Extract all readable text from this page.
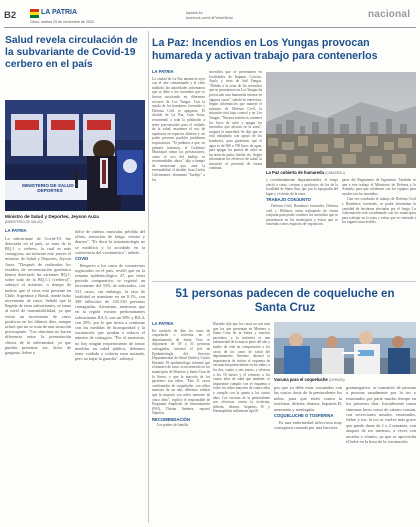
B2	LA PATRIA
Oruro, martes 29 de noviembre de 2022
lapatria.bo
facebook.com/LaPatriaOficial	nacional
Salud revela circulación de la subvariante de Covid-19 cerbero en el país
MINISTERIO DE SALUD Y DEPORTES
Ministro de Salud y Deportes, Jeyson Auza
(MINISTERIO DE SALUD)
LA PATRIA

La subvariante de Covid-19, fue detectada en el país, se trata de la BQ.1. o cerbero, la cual es más contagiosa, así informó este jueves el ministro de Salud y Deportes, Jeyson Auza. "Después de realizados los estudios de secuenciación genómica hemos detectado las variantes BQ.1, sobre todo de la BQ.1.1 (cerbero)", subrayó el ministro, a tiempo de indicar que el virus está presente en Chile, Argentina y Brasil, donde hubo incremento de casos. Señaló que la llegada de estas subvariantes, se suma al nivel de transmisibilidad, ya que existe un incremento de casos positivos en los últimos días, aunque aclaró que no se trata de una situación preocupante. "Los síntomas no hacen diferencia entre la presentación clínica de la enfermedad, ya que pueden presentar tos, dolor de garganta, fiebre y

dolor de cabeza, muscular, pérdida del olfato, sensación de fatiga, vómito y diarrea". "Es decir la sintomatología no se modifica y lo acordado en la conferencia del viceministro", señaló.

COVID

Respecto a los casos de coronavirus registrados en el país, reveló que en la semana epidemiológica 47, por tener periodo comparativo, se registró un incremento del 53% de infectados, con 531 casos, sin embargo, la tasa de letalidad se mantiene en un 0.1%, con 398 fallecidos de 235.330 personas contagiadas. Asimismo, menciona que en la región existen predominantes subvariantes BA.5, con un 58% y BA.4, con 29%, por lo que invita a continuar con las medidas de bioseguridad y la vacunación que ayudan a reducir el número de contagios. "Por el momento, no hay ningún requerimiento de tomar medidas en salud pública, debemos tener cuidado y todavía estar notando, pero no bajar la guardia", subrayó.

La Paz: Incendios en Los Yungas provocan humareda y activan trabajo para contenerlos
LA PATRIA

La ciudad de La Paz amaneció ayer con el aire contaminado y el cielo nublado; las autoridades informaron que se debe a los incendios que se fueron suscitando en diferentes sectores de Los Yungas. Con la ayuda de los bomberos forestales y Defensa Civil se apagaron. El alcalde de La Paz, Iván Arias, recomendó a toda la población a tener precauciones para el cuidado de la salud, mantener el uso de tapabocas en espacios abiertos y así poder prevenir posibles problemas respiratorios. "Te pedimos a que, en primera instancia, el Gobierno Municipal tomar las precauciones, como el uso del barbijo es recomendable, ahora", dijo a tiempo de mencionar que, ante la eventualidad, el alcalde, Juan Carlos Calvimontes, denominó "barbijo" a los

incendios que se presentaron en localidades de Irupana, Coroico, Apolo y otras de Sud Yungas. "Debido a la zona de los incendios que se presentaron en Los Yungas ha provocado una humareda intensa en algunos casos", señaló en entrevista. Según información que manejó el ministro de Defensa Civil, la situación está bajo control y en Los Yungas. "Nuestra misión es contener los focos de calor y apagar los incendios que afectan en la zona", aseguró la autoridad. Se dijo que se está trabajando con apoyo de los bomberos, para garantizar que el agua es de 500 a 700 litros de agua, para apagar los puntos de calor en las áreas de pasto, hierba, etc. Según informaron los efectivos de salud, la situación se presentó de forma continua.

La Paz cubierta de humareda (CABLEBOLI)

y coordinadamente departamentales, el fuego afectó a casas, cocinas y productos de los de la localidad de Santa Ana, que por la topografía del lugar y el viento de la zona.

TRABAJO CONJUNTO

Defensa Civil, Bomberos forestales, Defensa civil y Militares están trabajando de forma conjunta para poder contener los incendios que se presentaron en los municipios y evitar que se extienda a otros espacios de vegetación.

parte del Regimiento de Ingeniería. También se une a este trabajo el Ministerio de Defensa y la Armada, para que colaboren con los equipos para ayudar con los incendios.

Una vez concluido el trabajo de Defensa Civil y Bomberos forestales, se podrá determinar la cantidad de hectáreas afectadas por el fuego. La Gobernación está coordinando con los municipios para trabajar en la zona y evitar que se extienda a los lugares inaccesibles.

51 personas padecen de coqueluche en Santa Cruz
LA PATRIA

En cuestión de días los casos de coqueluche o tosferina en el departamento de Santa Cruz se dispararon de 39 a 51 personas contagiadas, informó el jefe de Epidemiología del Servicio Departamental de Salud (Sedes), Carlos Hurtado. El epidemiólogo informó que el número de casos se incrementó en los municipios de Montero y Santa Cruz de la Sierra, y que la mayoría de los pacientes son niños. "Este 31 casos confirmados de coqueluche, son niños menores de un año, debemos señalar que la mayoría son niños menores de cinco años", explicó el responsable de Programa Ampliado de Inmunización (PAI), Dorian Jiménez, reportó Opinión.

RECOMENDACIÓN

Los padres de familia

Hurtado dijo que los casos no son más que los que presentan en Montero y Santa Cruz de la Sierra y muchos pacientes, y la tosferina es una enfermedad de la mayor parte del año y medio de vida en comparación a los casos de los casos de salud del departamento. Jiménez, destacó la importancia de iniciar el esquema de vacunación pentavalente en los niños, a los dos, cuatro y seis meses, y reforzar a los 18 meses y el refuerzo a los cuatro años de edad que también, es importante cumplir con el esquema a todos los niños mayores de cuatro años y cumplir con la quinta a los cuatro años. Las vacunas de la pentavalente son efectivas contra la tosferina, difteria, tétanos, hepatitis B y Haemophilus influenzae tipo B.

Vacuna para el coqueluche (OPINIÓN)

pes que ya debe estar vacunados con las cuatro dosis de la pentavalente los niños, para que estén contra la tosferina, difteria, tétanos, hepatitis B, neumonía y meningitis.

COQUELUCHE O TOSFERINA

Es una enfermedad infecciosa muy contagiosa causada por una bacteria.

gramnegativo, se transmite de persona a persona usualmente por la tos o estornudos por parte mucho tiempo en los primeros días. Inicialmente causa síntomas leves como de catarro común, con secreciones nasales, estornudos, fiebre y tos; la tos se vuelve más grave que puede durar de 1 a 2 semanas, con ataques de tos intensos, a veces con arcadas o vómito, ya que se aprovecha el bebé en la hora de la vacunación.
